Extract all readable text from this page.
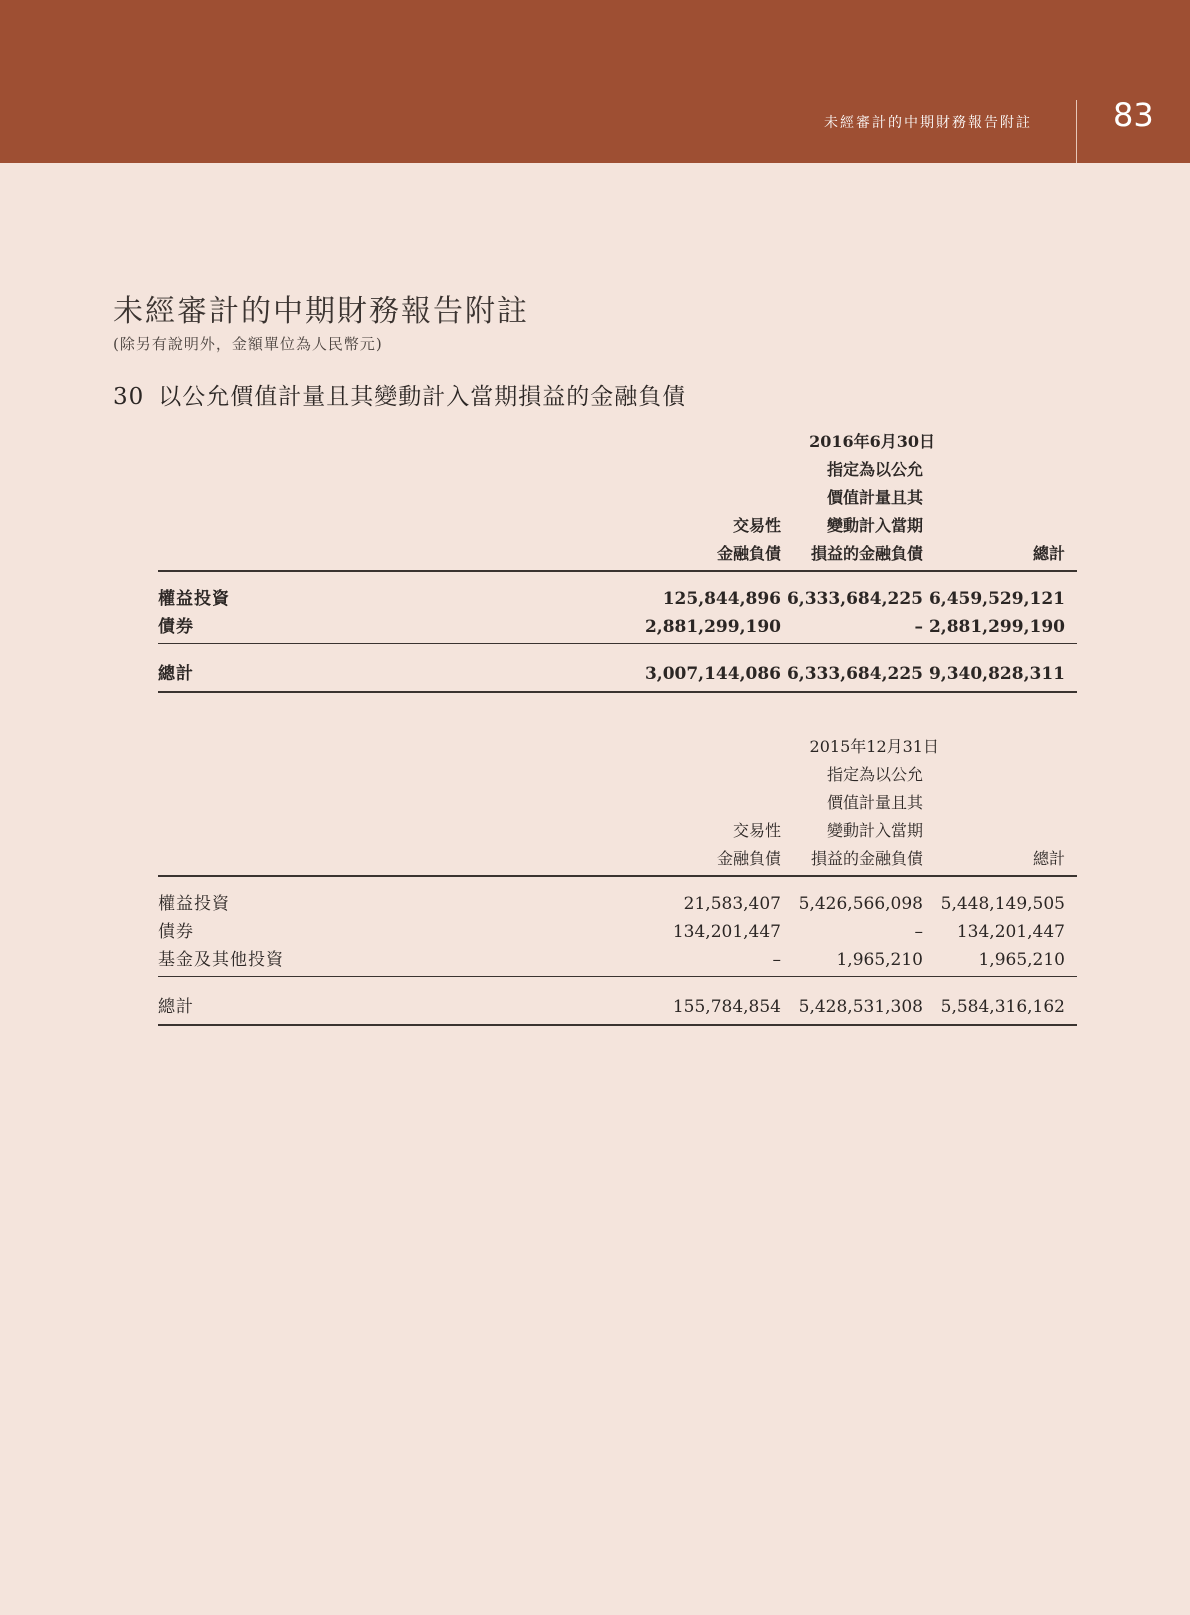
未經審計的中期財務報告附註	83
未經審計的中期財務報告附註
(除另有說明外，金額單位為人民幣元)
30 以公允價值計量且其變動計入當期損益的金融負債
2016年6月30日
指定為以公允
價值計量且其
交易性	變動計入當期
金融負債 損益的金融負債	總計
權益投資	125,844,896 6,333,684,225 6,459,529,121
債券	2,881,299,190	– 2,881,299,190
總計	3,007,144,086 6,333,684,225 9,340,828,311
2015年12月31日
指定為以公允
價值計量且其
交易性	變動計入當期
金融負債 損益的金融負債	總計
權益投資	21,583,407 5,426,566,098 5,448,149,505
債券	134,201,447	– 134,201,447
基金及其他投資	–	1,965,210	1,965,210
總計	155,784,854 5,428,531,308 5,584,316,162
